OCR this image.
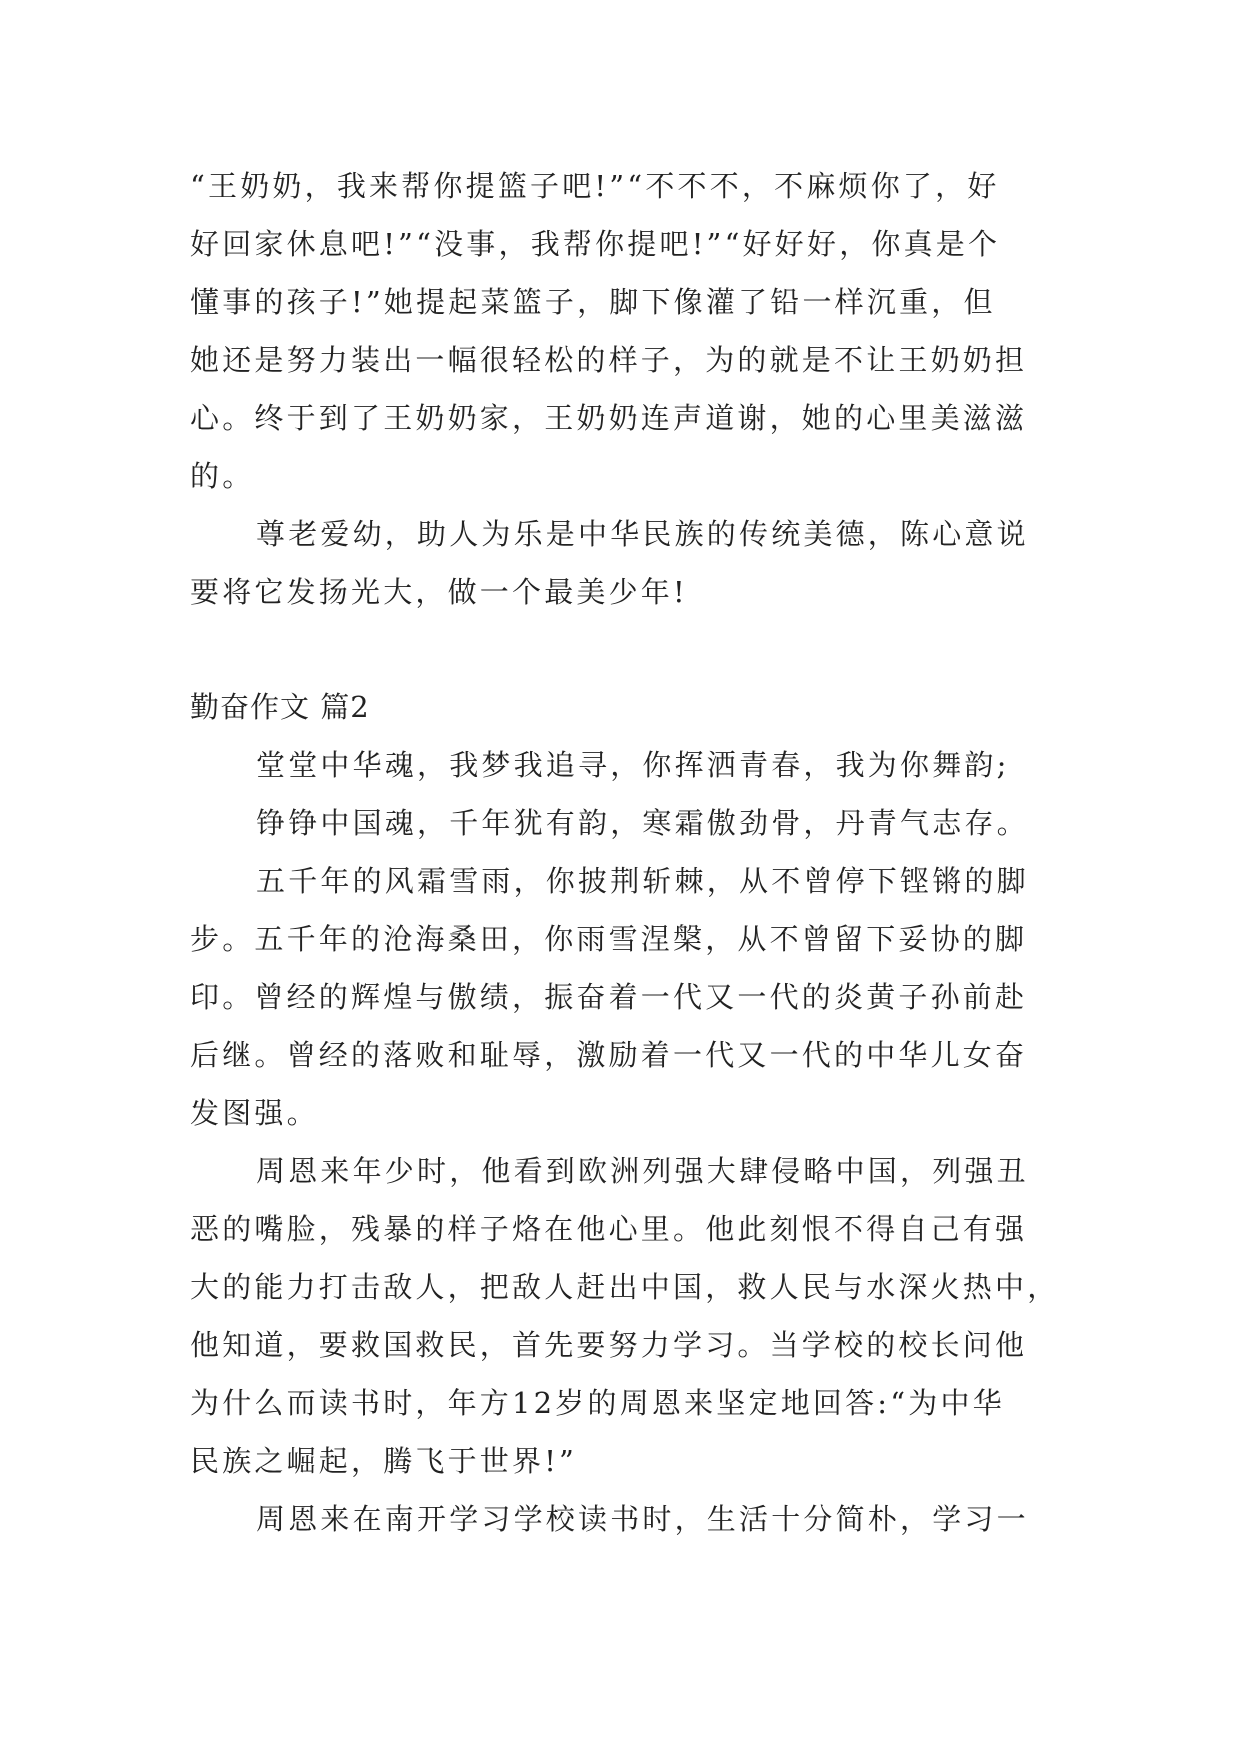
“王奶奶，我来帮你提篮子吧!”“不不不，不麻烦你了，好
好回家休息吧!”“没事，我帮你提吧!”“好好好，你真是个
懂事的孩子!”她提起菜篮子，脚下像灌了铅一样沉重，但
她还是努力装出一幅很轻松的样子，为的就是不让王奶奶担
心。终于到了王奶奶家，王奶奶连声道谢，她的心里美滋滋
的。
尊老爱幼，助人为乐是中华民族的传统美德，陈心意说
要将它发扬光大，做一个最美少年!
勤奋作文 篇2
堂堂中华魂，我梦我追寻，你挥洒青春，我为你舞韵;
铮铮中国魂，千年犹有韵，寒霜傲劲骨，丹青气志存。
五千年的风霜雪雨，你披荆斩棘，从不曾停下铿锵的脚
步。五千年的沧海桑田，你雨雪涅槃，从不曾留下妥协的脚
印。曾经的辉煌与傲绩，振奋着一代又一代的炎黄子孙前赴
后继。曾经的落败和耻辱，激励着一代又一代的中华儿女奋
发图强。
周恩来年少时，他看到欧洲列强大肆侵略中国，列强丑
恶的嘴脸，残暴的样子烙在他心里。他此刻恨不得自己有强
大的能力打击敌人，把敌人赶出中国，救人民与水深火热中，
他知道，要救国救民，首先要努力学习。当学校的校长问他
为什么而读书时，年方12岁的周恩来坚定地回答:“为中华
民族之崛起，腾飞于世界!”
周恩来在南开学习学校读书时，生活十分简朴，学习一
